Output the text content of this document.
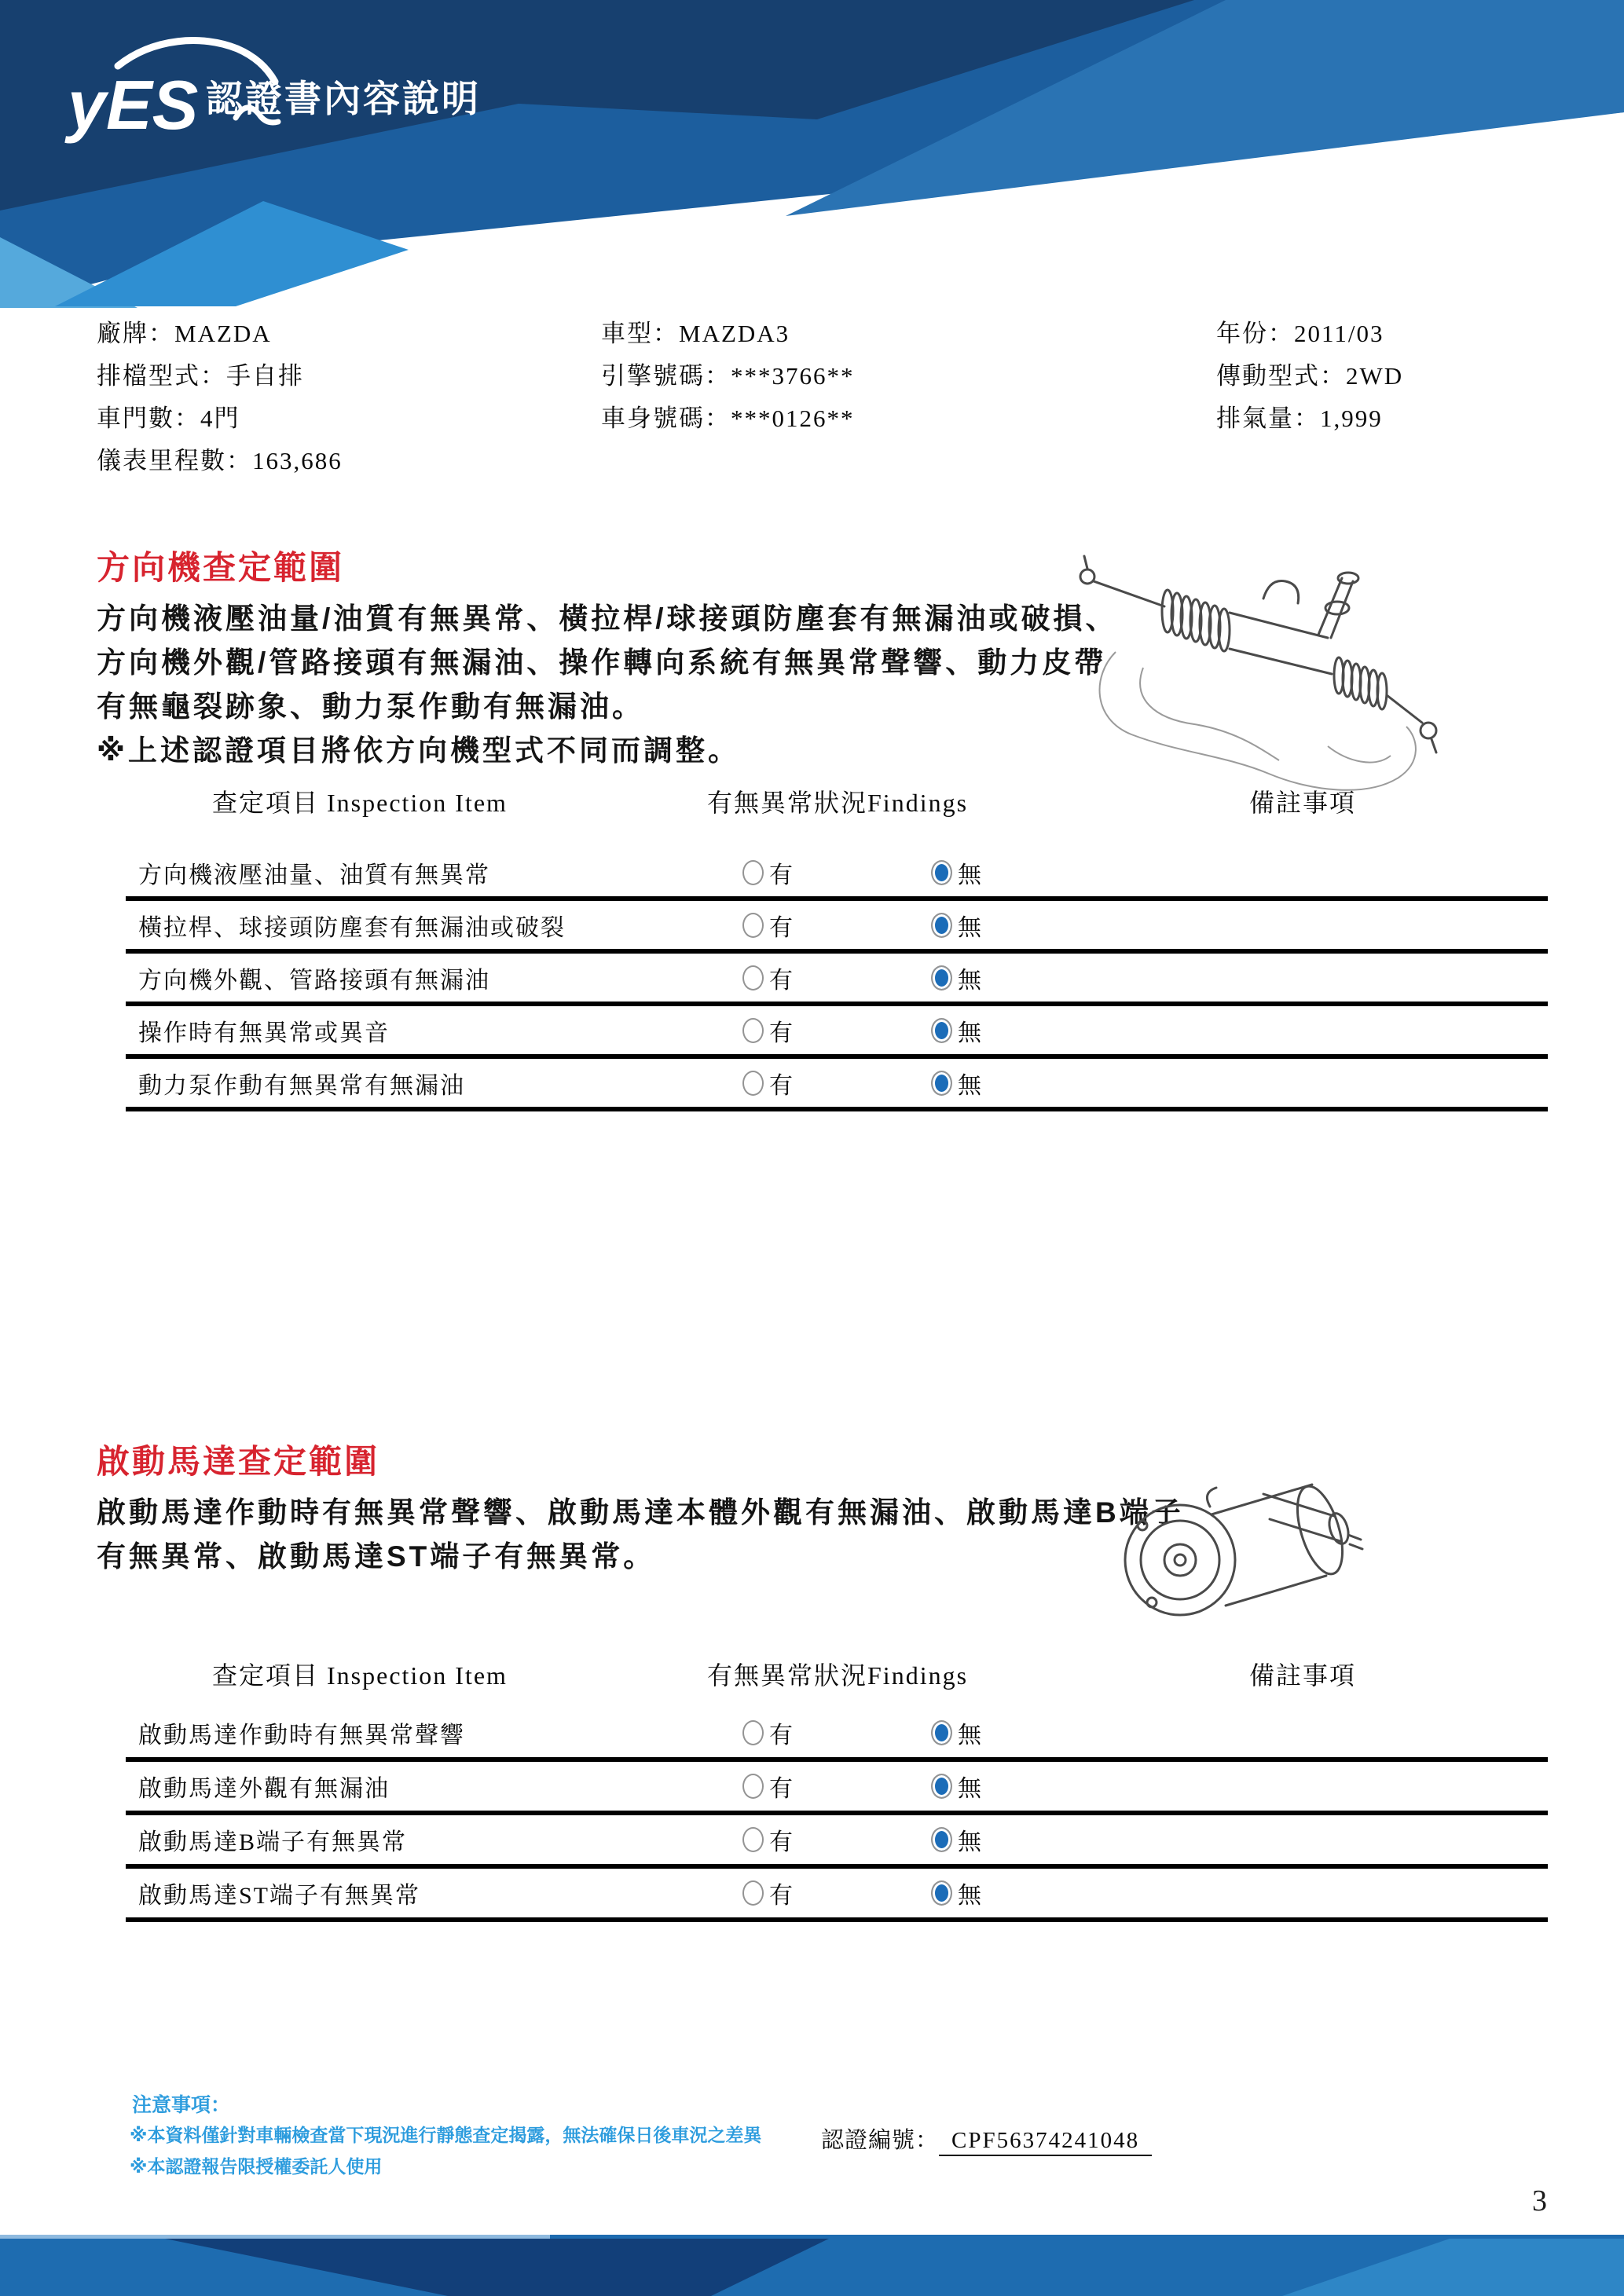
yES 認證書內容說明
廠牌：MAZDA
排檔型式：手自排
車門數：4門
儀表里程數：163,686
車型：MAZDA3
引擎號碼：***3766**
車身號碼：***0126**
年份：2011/03
傳動型式：2WD
排氣量：1,999
方向機查定範圍
方向機液壓油量/油質有無異常、橫拉桿/球接頭防塵套有無漏油或破損、
方向機外觀/管路接頭有無漏油、操作轉向系統有無異常聲響、動力皮帶
有無龜裂跡象、動力泵作動有無漏油。
※上述認證項目將依方向機型式不同而調整。
查定項目 Inspection Item	有無異常狀況Findings	備註事項
方向機液壓油量、油質有無異常	有	無
橫拉桿、球接頭防塵套有無漏油或破裂	有	無
方向機外觀、管路接頭有無漏油	有	無
操作時有無異常或異音	有	無
動力泵作動有無異常有無漏油	有	無
啟動馬達查定範圍
啟動馬達作動時有無異常聲響、啟動馬達本體外觀有無漏油、啟動馬達B端子
有無異常、啟動馬達ST端子有無異常。
查定項目 Inspection Item	有無異常狀況Findings	備註事項
啟動馬達作動時有無異常聲響	有	無
啟動馬達外觀有無漏油	有	無
啟動馬達B端子有無異常	有	無
啟動馬達ST端子有無異常	有	無
注意事項：
※本資料僅針對車輛檢查當下現況進行靜態查定揭露，無法確保日後車況之差異
※本認證報告限授權委託人使用
認證編號： CPF56374241048
3
